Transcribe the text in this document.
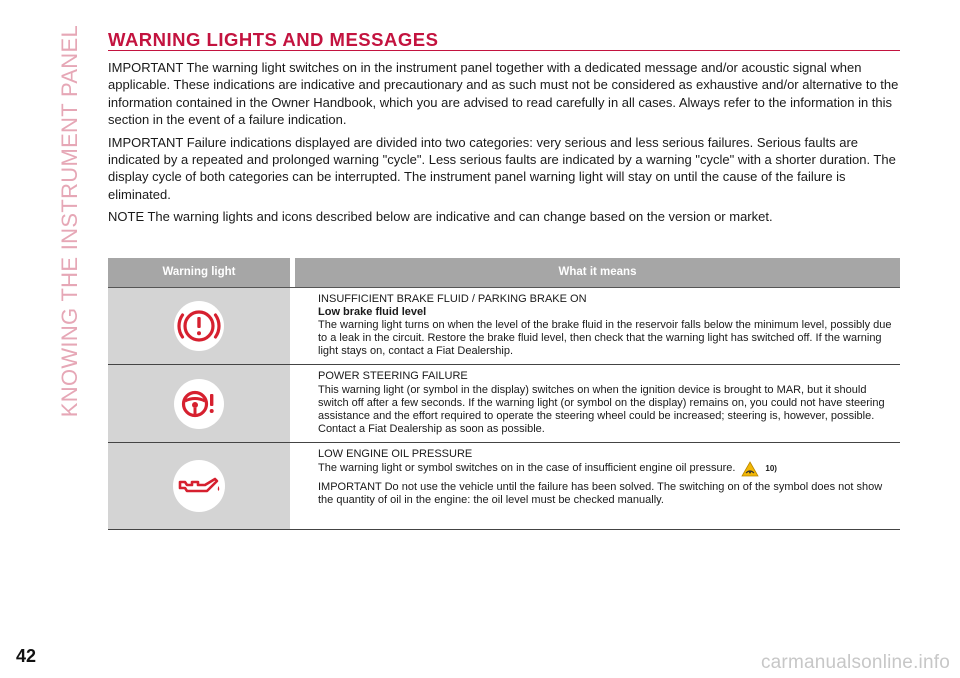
KNOWING THE INSTRUMENT PANEL WARNING LIGHTS AND MESSAGES

IMPORTANT The warning light switches on in the instrument panel together with a dedicated message and/or acoustic signal when applicable. These indications are indicative and precautionary and as such must not be considered as exhaustive and/or alternative to the information contained in the Owner Handbook, which you are advised to read carefully in all cases. Always refer to the information in this section in the event of a failure indication.

IMPORTANT Failure indications displayed are divided into two categories: very serious and less serious failures. Serious faults are indicated by a repeated and prolonged warning "cycle". Less serious faults are indicated by a warning "cycle" with a shorter duration. The display cycle of both categories can be interrupted. The instrument panel warning light will stay on until the cause of the failure is eliminated.

NOTE The warning lights and icons described below are indicative and can change based on the version or market.

Warning light		What it means

INSUFFICIENT BRAKE FLUID / PARKING BRAKE ON
Low brake fluid level
The warning light turns on when the level of the brake fluid in the reservoir falls below the minimum level, possibly due to a leak in the circuit. Restore the brake fluid level, then check that the warning light has switched off. If the warning light stays on, contact a Fiat Dealership.

POWER STEERING FAILURE
This warning light (or symbol in the display) switches on when the ignition device is brought to MAR, but it should switch off after a few seconds. If the warning light (or symbol on the display) remains on, you could not have steering assistance and the effort required to operate the steering wheel could be increased; steering is, however, possible. Contact a Fiat Dealership as soon as possible.

LOW ENGINE OIL PRESSURE
The warning light or symbol switches on in the case of insufficient engine oil pressure. 10)
IMPORTANT Do not use the vehicle until the failure has been solved. The switching on of the symbol does not show the quantity of oil in the engine: the oil level must be checked manually.
42	carmanualsonline.info
